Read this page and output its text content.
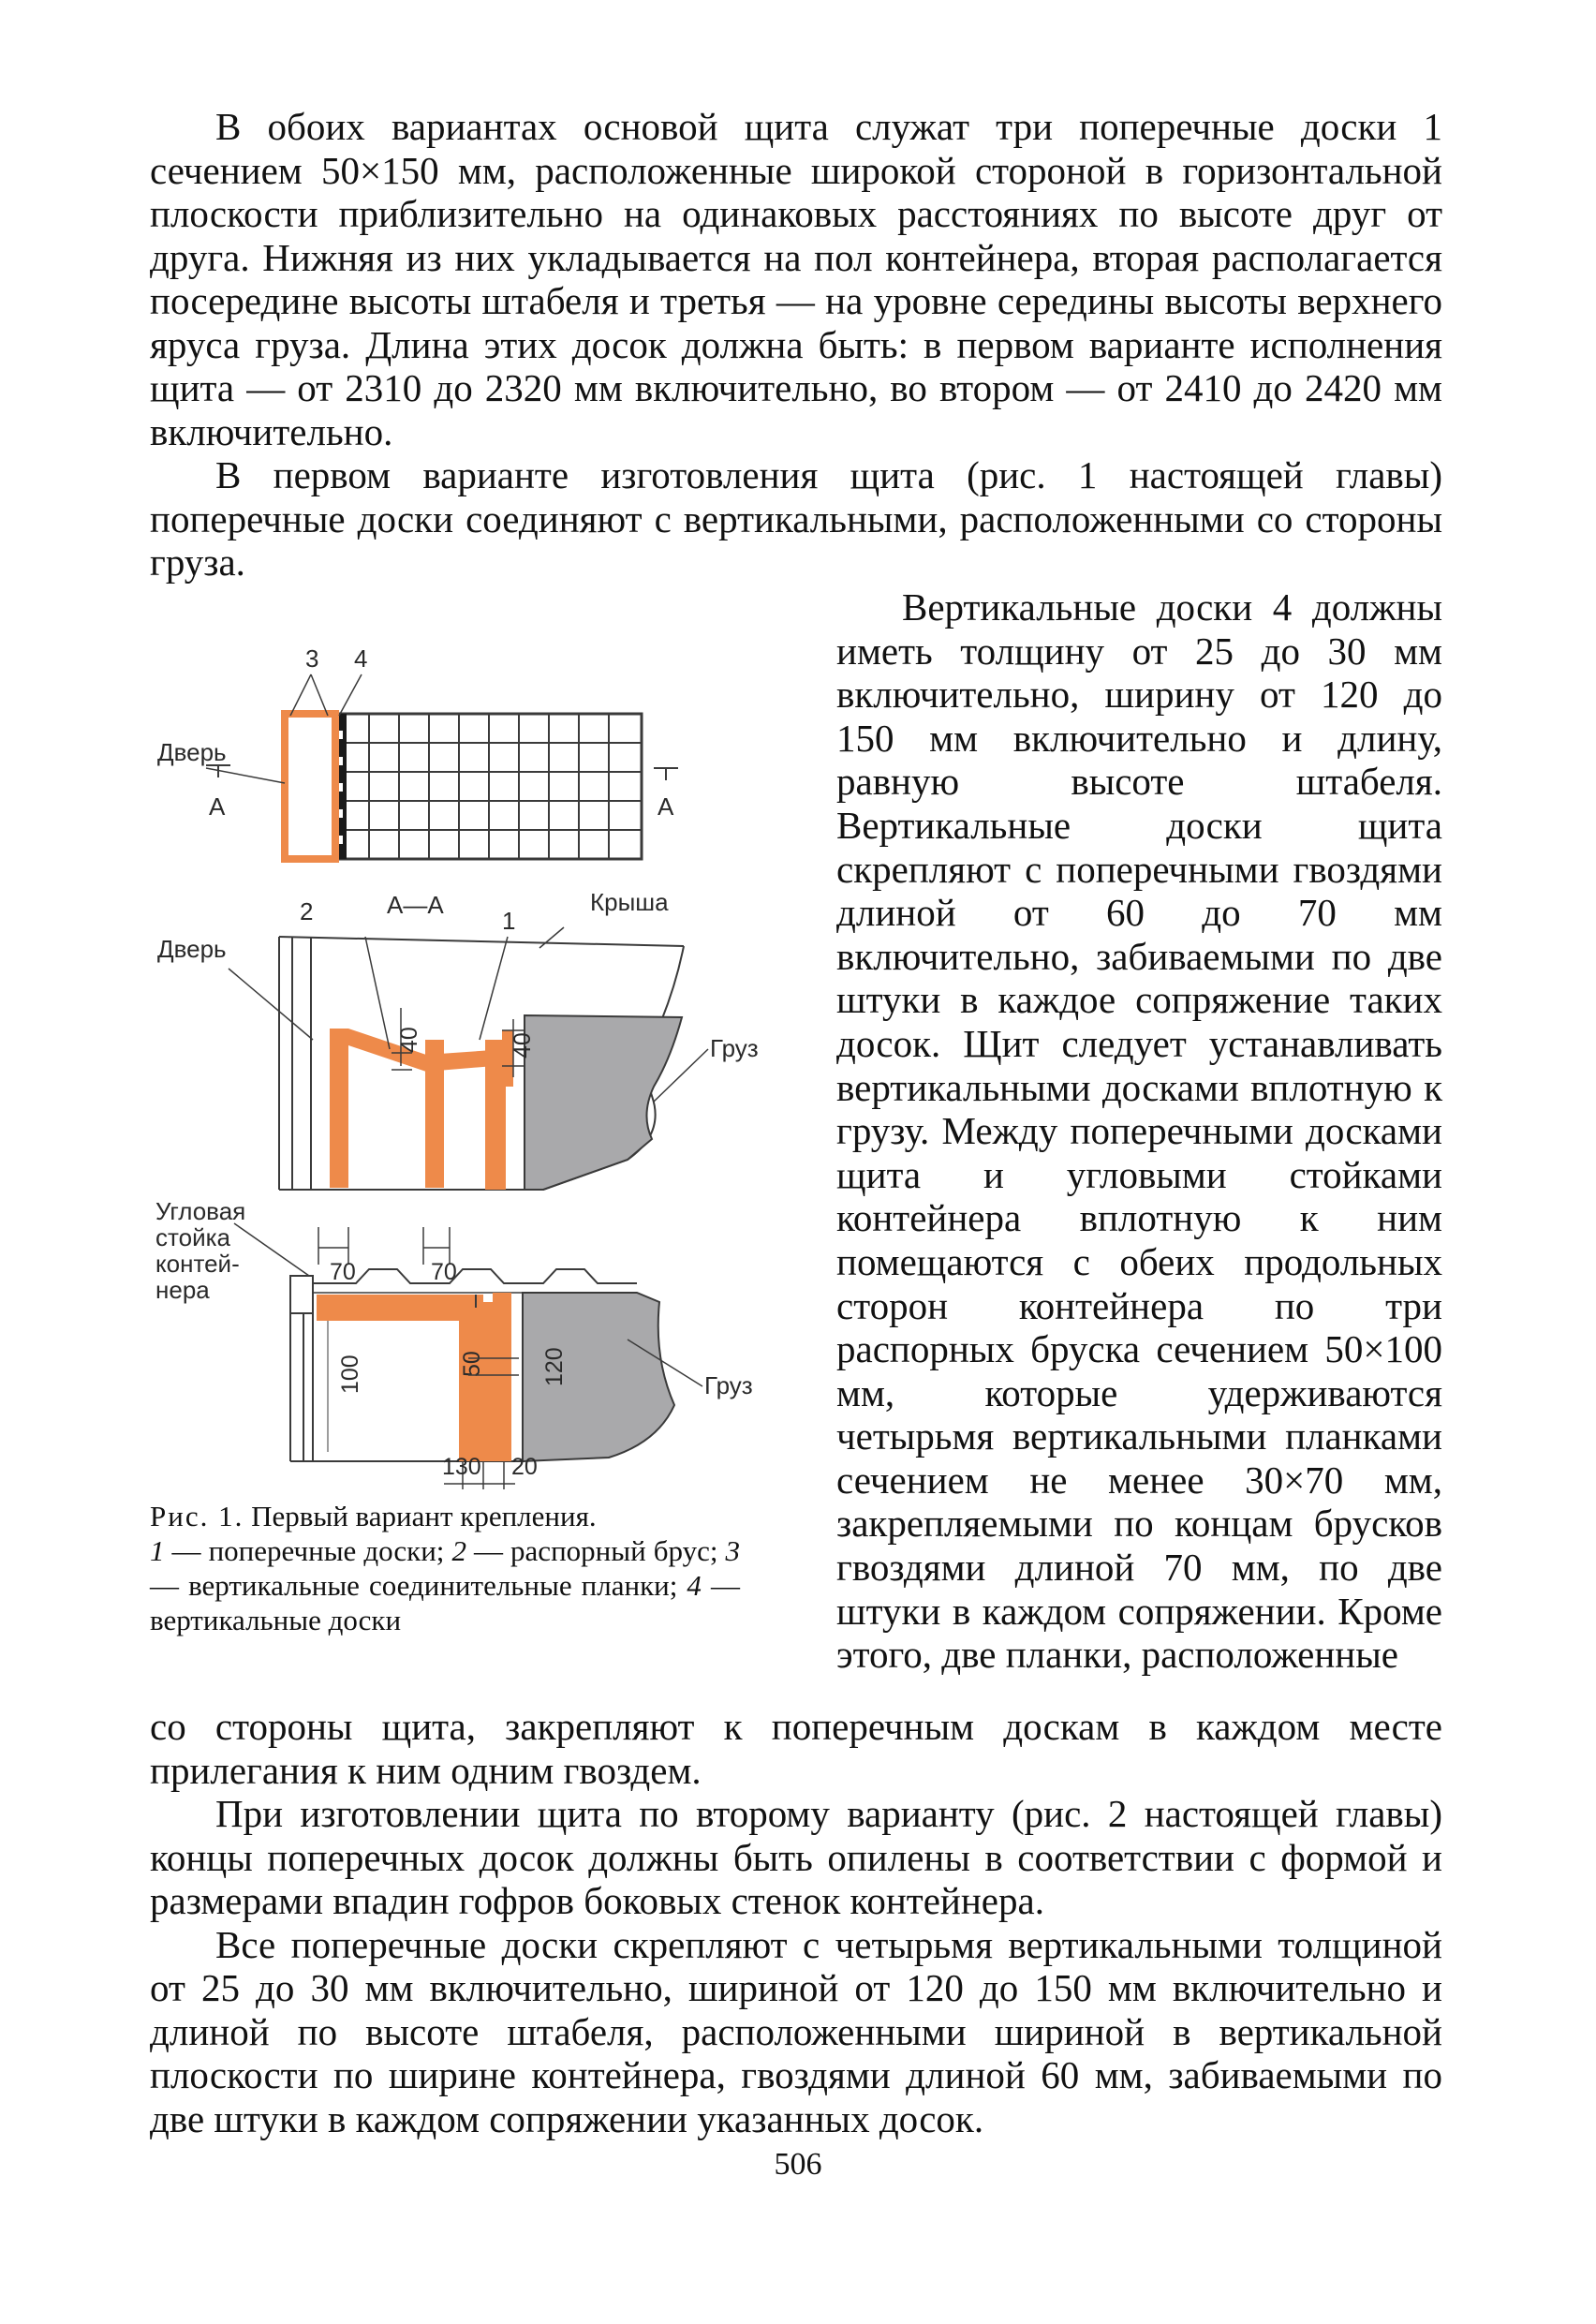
В обоих вариантах основой щита служат три поперечные доски 1 сечением 50×150 мм, расположенные широкой стороной в горизонтальной плоскости приблизительно на одинаковых расстояниях по высоте друг от друга. Нижняя из них укладывается на пол контейнера, вторая располагается посередине высоты штабеля и третья — на уровне середины высоты верхнего яруса груза. Длина этих досок должна быть: в первом варианте исполнения щита — от 2310 до 2320 мм включительно, во втором — от 2410 до 2420 мм включительно.

В первом варианте изготовления щита (рис. 1 настоящей главы) поперечные доски соединяют с вертикальными, расположенными со стороны груза.

3 4
Дверь
А	А
2	А—А
1
Крыша
Дверь
Груз
40	40
Угловая
стойка
контей-
нера
70	70
100	50 120
130 20
Груз
Рис. 1. Первый вариант крепления.
1 — поперечные доски; 2 — распорный брус; 3 — вертикальные соединительные планки; 4 — вертикальные доски

Вертикальные доски 4 должны иметь толщину от 25 до 30 мм включительно, ширину от 120 до 150 мм включительно и длину, равную высоте штабеля. Вертикальные доски щита скрепляют с поперечными гвоздями длиной от 60 до 70 мм включительно, забиваемыми по две штуки в каждое сопряжение таких досок. Щит следует устанавливать вертикальными досками вплотную к грузу. Между поперечными досками щита и угловыми стойками контейнера вплотную к ним помещаются с обеих продольных сторон контейнера по три распорных бруска сечением 50×100 мм, которые удерживаются четырьмя вертикальными планками сечением не менее 30×70 мм, закрепляемыми по концам брусков гвоздями длиной 70 мм, по две штуки в каждом сопряжении. Кроме этого, две планки, расположенные

со стороны щита, закрепляют к поперечным доскам в каждом месте прилегания к ним одним гвоздем.

При изготовлении щита по второму варианту (рис. 2 настоящей главы) концы поперечных досок должны быть опилены в соответствии с формой и размерами впадин гофров боковых стенок контейнера.

Все поперечные доски скрепляют с четырьмя вертикальными толщиной от 25 до 30 мм включительно, шириной от 120 до 150 мм включительно и длиной по высоте штабеля, расположенными шириной в вертикальной плоскости по ширине контейнера, гвоздями длиной 60 мм, забиваемыми по две штуки в каждом сопряжении указанных досок.

506
